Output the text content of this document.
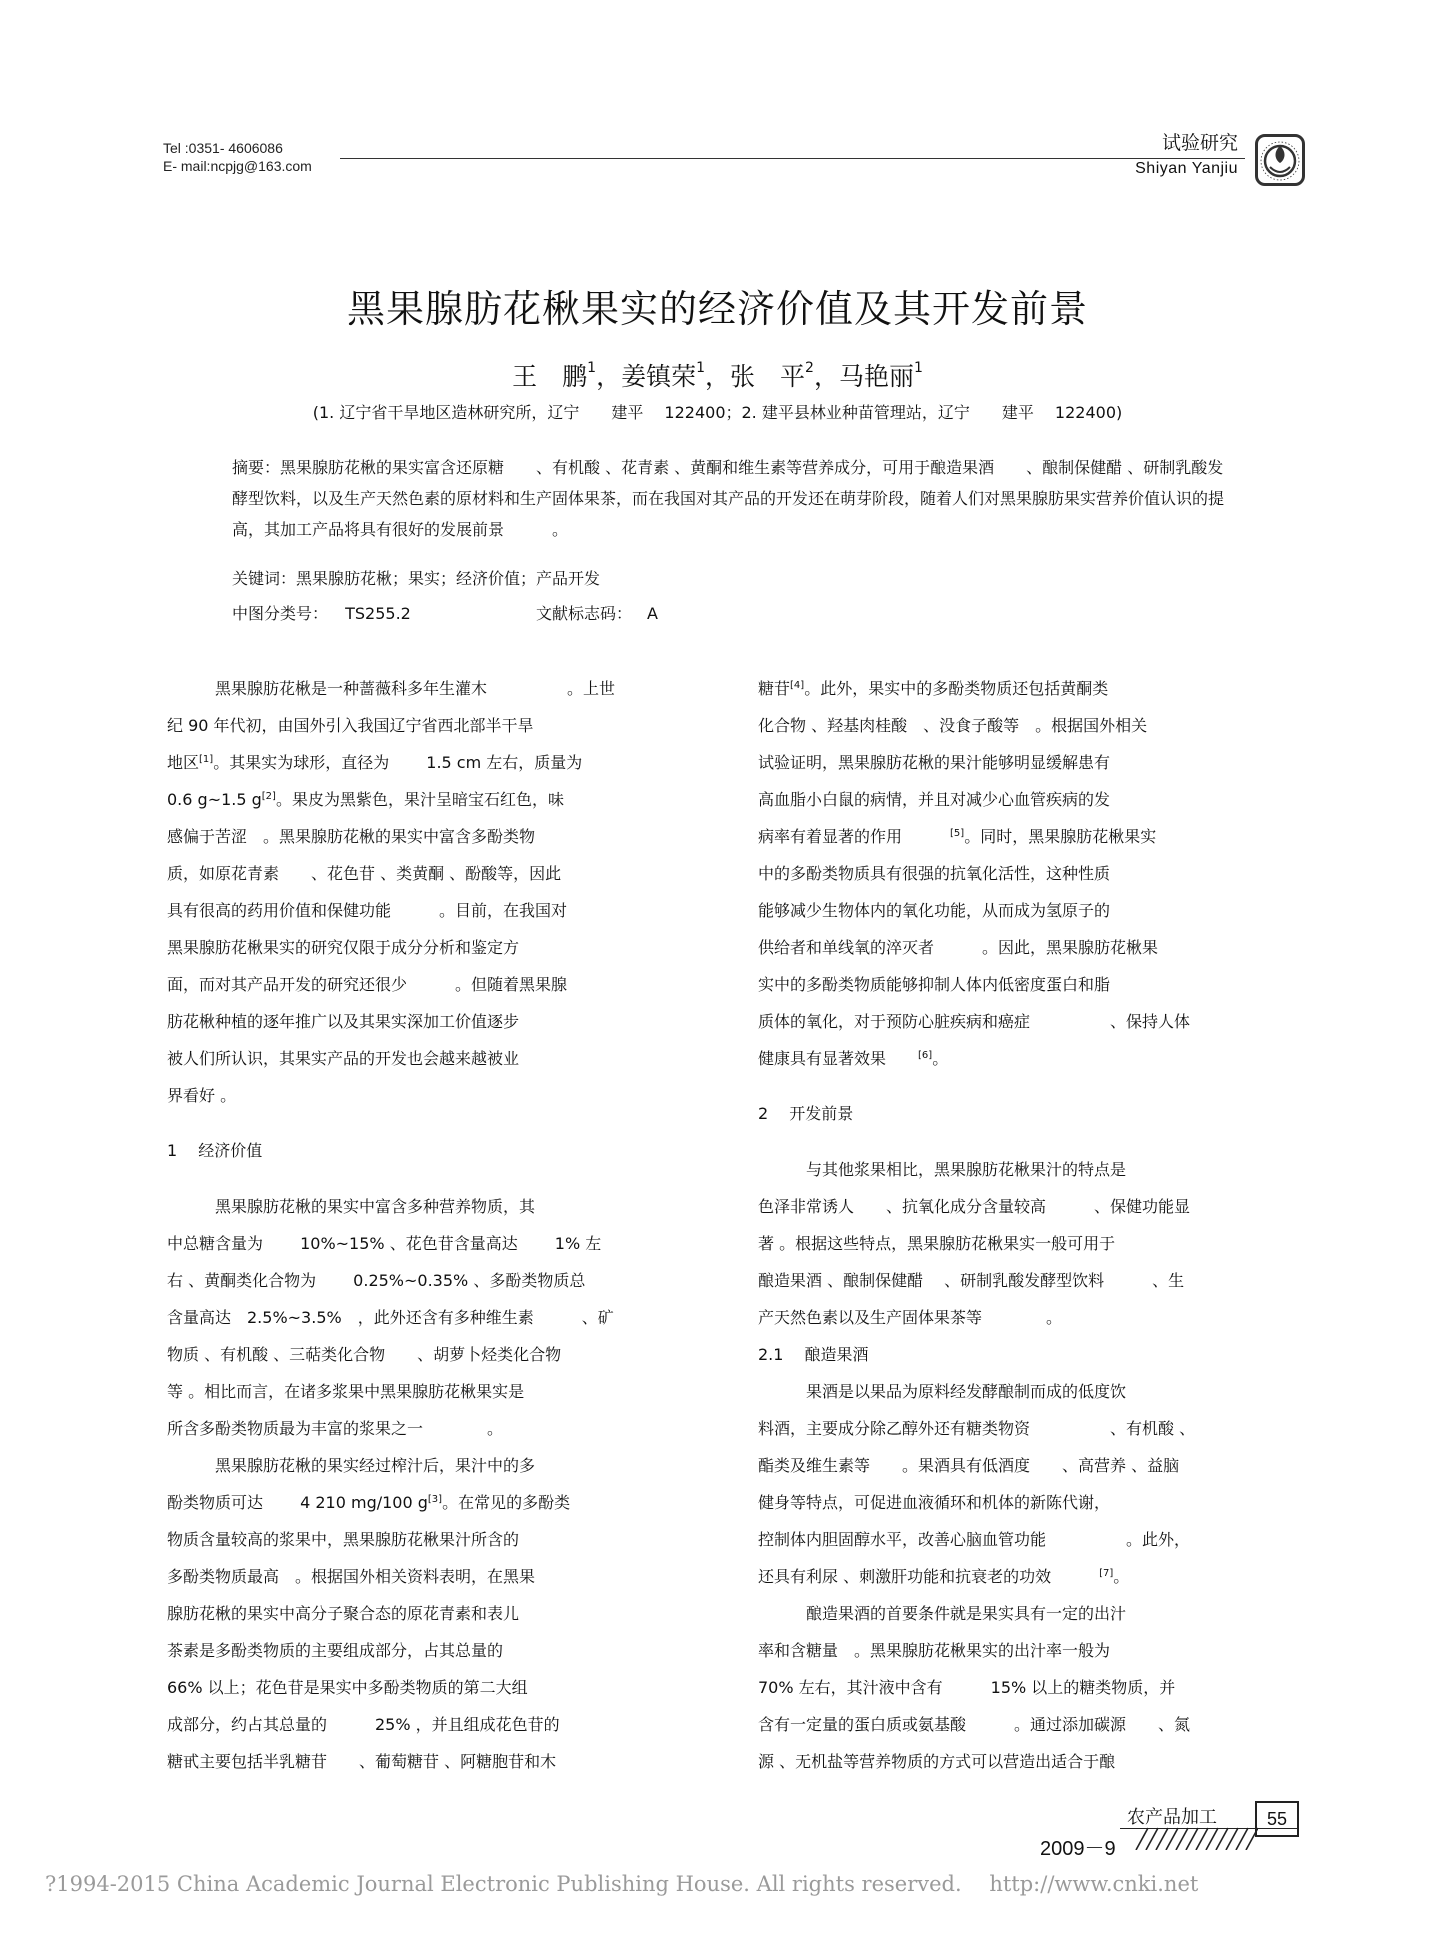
Tel :0351- 4606086
E- mail:ncpjg@163.com
试验研究
Shiyan Yanjiu
黑果腺肪花楸果实的经济价值及其开发前景
王　鹏$^1$，姜镇荣$^1$，张　平$^2$，马艳丽$^1$
(1. 辽宁省干旱地区造林研究所，辽宁　　建平　 122400；2. 建平县林业种苗管理站，辽宁　　建平　 122400)
摘要：黑果腺肪花楸的果实富含还原糖　　、有机酸 、花青素 、黄酮和维生素等营养成分，可用于酿造果酒　　、酿制保健醋 、研制乳酸发酵型饮料，以及生产天然色素的原材料和生产固体果茶，而在我国对其产品的开发还在萌芽阶段，随着人们对黑果腺肪果实营养价值认识的提高，其加工产品将具有很好的发展前景　　　。
关键词：黑果腺肪花楸；果实；经济价值；产品开发
中图分类号： TS255.2	文献标志码： A

黑果腺肪花楸是一种蔷薇科多年生灌木　　　　　。上世

纪 90 年代初，由国外引入我国辽宁省西北部半干旱

地区[1]。其果实为球形，直径为　　 1.5 cm 左右，质量为

0.6 g~1.5 g[2]。果皮为黑紫色，果汁呈暗宝石红色，味

感偏于苦涩　。黑果腺肪花楸的果实中富含多酚类物

质，如原花青素　　、花色苷 、类黄酮 、酚酸等，因此

具有很高的药用价值和保健功能　　　。目前，在我国对

黑果腺肪花楸果实的研究仅限于成分分析和鉴定方

面，而对其产品开发的研究还很少　　　。但随着黑果腺

肪花楸种植的逐年推广以及其果实深加工价值逐步

被人们所认识，其果实产品的开发也会越来越被业

界看好 。

1　 经济价值

黑果腺肪花楸的果实中富含多种营养物质，其

中总糖含量为　　 10%~15% 、花色苷含量高达　　 1% 左

右 、黄酮类化合物为　　 0.25%~0.35% 、多酚类物质总

含量高达　2.5%~3.5%　，此外还含有多种维生素　　　、矿

物质 、有机酸 、三萜类化合物　　、胡萝卜烃类化合物

等 。相比而言，在诸多浆果中黑果腺肪花楸果实是

所含多酚类物质最为丰富的浆果之一　　　　。

黑果腺肪花楸的果实经过榨汁后，果汁中的多

酚类物质可达　　 4 210 mg/100 g[3]。在常见的多酚类

物质含量较高的浆果中，黑果腺肪花楸果汁所含的

多酚类物质最高　。根据国外相关资料表明，在黑果

腺肪花楸的果实中高分子聚合态的原花青素和表儿

茶素是多酚类物质的主要组成部分，占其总量的

66% 以上；花色苷是果实中多酚类物质的第二大组

成部分，约占其总量的　　　25% ，并且组成花色苷的

糖甙主要包括半乳糖苷　　、葡萄糖苷 、阿糖胞苷和木

糖苷[4]。此外，果实中的多酚类物质还包括黄酮类

化合物 、羟基肉桂酸　、没食子酸等　。根据国外相关

试验证明，黑果腺肪花楸的果汁能够明显缓解患有

高血脂小白鼠的病情，并且对减少心血管疾病的发

病率有着显著的作用　　　[5]。同时，黑果腺肪花楸果实

中的多酚类物质具有很强的抗氧化活性，这种性质

能够减少生物体内的氧化功能，从而成为氢原子的

供给者和单线氧的淬灭者　　　。因此，黑果腺肪花楸果

实中的多酚类物质能够抑制人体内低密度蛋白和脂

质体的氧化，对于预防心脏疾病和癌症　　　　　、保持人体

健康具有显著效果　　[6]。

2　 开发前景

与其他浆果相比，黑果腺肪花楸果汁的特点是

色泽非常诱人　　、抗氧化成分含量较高　　　、保健功能显

著 。根据这些特点，黑果腺肪花楸果实一般可用于

酿造果酒 、酿制保健醋　 、研制乳酸发酵型饮料　　　、生

产天然色素以及生产固体果茶等　　　　。

2.1　 酿造果酒

果酒是以果品为原料经发酵酿制而成的低度饮

料酒，主要成分除乙醇外还有糖类物资　　　　　、有机酸 、

酯类及维生素等　　。果酒具有低酒度　　、高营养 、益脑

健身等特点，可促进血液循环和机体的新陈代谢，

控制体内胆固醇水平，改善心脑血管功能　　　　　。此外，

还具有利尿 、刺激肝功能和抗衰老的功效　　　[7]。

酿造果酒的首要条件就是果实具有一定的出汁

率和含糖量　。黑果腺肪花楸果实的出汁率一般为

70% 左右，其汁液中含有　　　15% 以上的糖类物质，并

含有一定量的蛋白质或氨基酸　　　。通过添加碳源　　、氮

源 、无机盐等营养物质的方式可以营造出适合于酿

农产品加工
2009－9
55
?1994-2015 China Academic Journal Electronic Publishing House. All rights reserved.　 http://www.cnki.net
